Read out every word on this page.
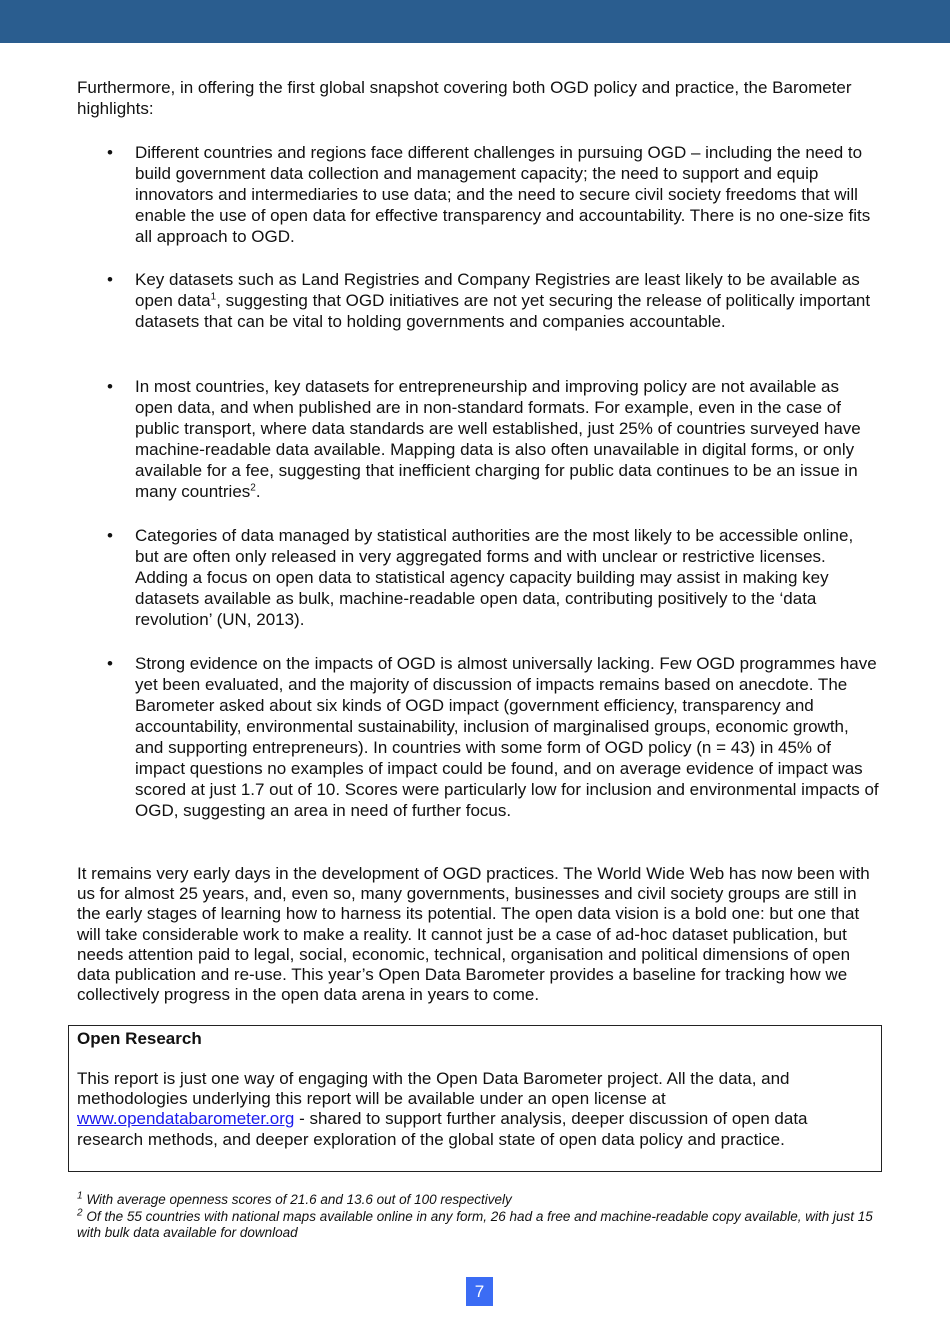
Furthermore, in offering the first global snapshot covering both OGD policy and practice, the Barometer highlights:

• Different countries and regions face different challenges in pursuing OGD – including the need to build government data collection and management capacity; the need to support and equip innovators and intermediaries to use data; and the need to secure civil society freedoms that will enable the use of open data for effective transparency and accountability. There is no one-size fits all approach to OGD.

• Key datasets such as Land Registries and Company Registries are least likely to be available as open data$^1$, suggesting that OGD initiatives are not yet securing the release of politically important datasets that can be vital to holding governments and companies accountable.

• In most countries, key datasets for entrepreneurship and improving policy are not available as open data, and when published are in non-standard formats. For example, even in the case of public transport, where data standards are well established, just 25% of countries surveyed have machine-readable data available. Mapping data is also often unavailable in digital forms, or only available for a fee, suggesting that inefficient charging for public data continues to be an issue in many countries$^2$.

• Categories of data managed by statistical authorities are the most likely to be accessible online, but are often only released in very aggregated forms and with unclear or restrictive licenses. Adding a focus on open data to statistical agency capacity building may assist in making key datasets available as bulk, machine-readable open data, contributing positively to the ‘data revolution’ (UN, 2013).

• Strong evidence on the impacts of OGD is almost universally lacking. Few OGD programmes have yet been evaluated, and the majority of discussion of impacts remains based on anecdote. The Barometer asked about six kinds of OGD impact (government efficiency, transparency and accountability, environmental sustainability, inclusion of marginalised groups, economic growth, and supporting entrepreneurs). In countries with some form of OGD policy (n = 43) in 45% of impact questions no examples of impact could be found, and on average evidence of impact was scored at just 1.7 out of 10. Scores were particularly low for inclusion and environmental impacts of OGD, suggesting an area in need of further focus.

It remains very early days in the development of OGD practices. The World Wide Web has now been with us for almost 25 years, and, even so, many governments, businesses and civil society groups are still in the early stages of learning how to harness its potential. The open data vision is a bold one: but one that will take considerable work to make a reality. It cannot just be a case of ad-hoc dataset publication, but needs attention paid to legal, social, economic, technical, organisation and political dimensions of open data publication and re-use. This year’s Open Data Barometer provides a baseline for tracking how we collectively progress in the open data arena in years to come.

Open Research

This report is just one way of engaging with the Open Data Barometer project. All the data, and methodologies underlying this report will be available under an open license at www.opendatabarometer.org - shared to support further analysis, deeper discussion of open data research methods, and deeper exploration of the global state of open data policy and practice.

$^1$ With average openness scores of 21.6 and 13.6 out of 100 respectively

$^2$ Of the 55 countries with national maps available online in any form, 26 had a free and machine-readable copy available, with just 15 with bulk data available for download

7
